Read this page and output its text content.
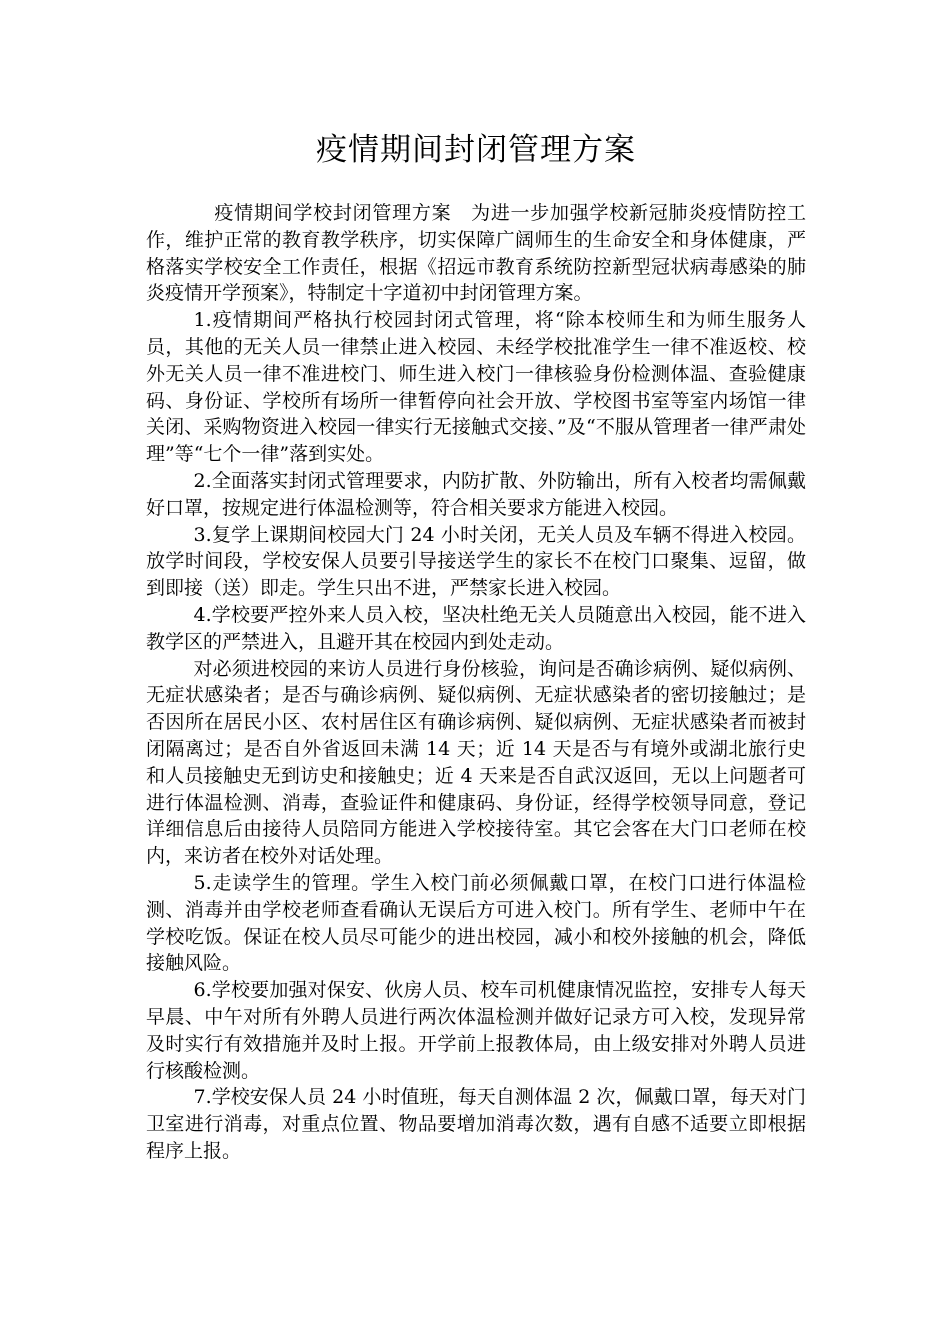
疫情期间封闭管理方案

疫情期间学校封闭管理方案　为进一步加强学校新冠肺炎疫情防控工作，维护正常的教育教学秩序，切实保障广阔师生的生命安全和身体健康，严格落实学校安全工作责任，根据《招远市教育系统防控新型冠状病毒感染的肺炎疫情开学预案》，特制定十字道初中封闭管理方案。

1.疫情期间严格执行校园封闭式管理，将“除本校师生和为师生服务人员，其他的无关人员一律禁止进入校园、未经学校批准学生一律不准返校、校外无关人员一律不准进校门、师生进入校门一律核验身份检测体温、查验健康码、身份证、学校所有场所一律暂停向社会开放、学校图书室等室内场馆一律关闭、采购物资进入校园一律实行无接触式交接、”及“不服从管理者一律严肃处理”等“七个一律”落到实处。

2.全面落实封闭式管理要求，内防扩散、外防输出，所有入校者均需佩戴好口罩，按规定进行体温检测等，符合相关要求方能进入校园。

3.复学上课期间校园大门 24 小时关闭，无关人员及车辆不得进入校园。放学时间段，学校安保人员要引导接送学生的家长不在校门口聚集、逗留，做到即接（送）即走。学生只出不进，严禁家长进入校园。

4.学校要严控外来人员入校，坚决杜绝无关人员随意出入校园，能不进入教学区的严禁进入，且避开其在校园内到处走动。

对必须进校园的来访人员进行身份核验，询问是否确诊病例、疑似病例、无症状感染者；是否与确诊病例、疑似病例、无症状感染者的密切接触过；是否因所在居民小区、农村居住区有确诊病例、疑似病例、无症状感染者而被封闭隔离过；是否自外省返回未满 14 天；近 14 天是否与有境外或湖北旅行史和人员接触史无到访史和接触史；近 4 天来是否自武汉返回，无以上问题者可进行体温检测、消毒，查验证件和健康码、身份证，经得学校领导同意，登记详细信息后由接待人员陪同方能进入学校接待室。其它会客在大门口老师在校内，来访者在校外对话处理。

5.走读学生的管理。学生入校门前必须佩戴口罩，在校门口进行体温检测、消毒并由学校老师查看确认无误后方可进入校门。所有学生、老师中午在学校吃饭。保证在校人员尽可能少的进出校园，减小和校外接触的机会，降低接触风险。

6.学校要加强对保安、伙房人员、校车司机健康情况监控，安排专人每天早晨、中午对所有外聘人员进行两次体温检测并做好记录方可入校，发现异常及时实行有效措施并及时上报。开学前上报教体局，由上级安排对外聘人员进行核酸检测。

7.学校安保人员 24 小时值班，每天自测体温 2 次，佩戴口罩，每天对门卫室进行消毒，对重点位置、物品要增加消毒次数，遇有自感不适要立即根据程序上报。
